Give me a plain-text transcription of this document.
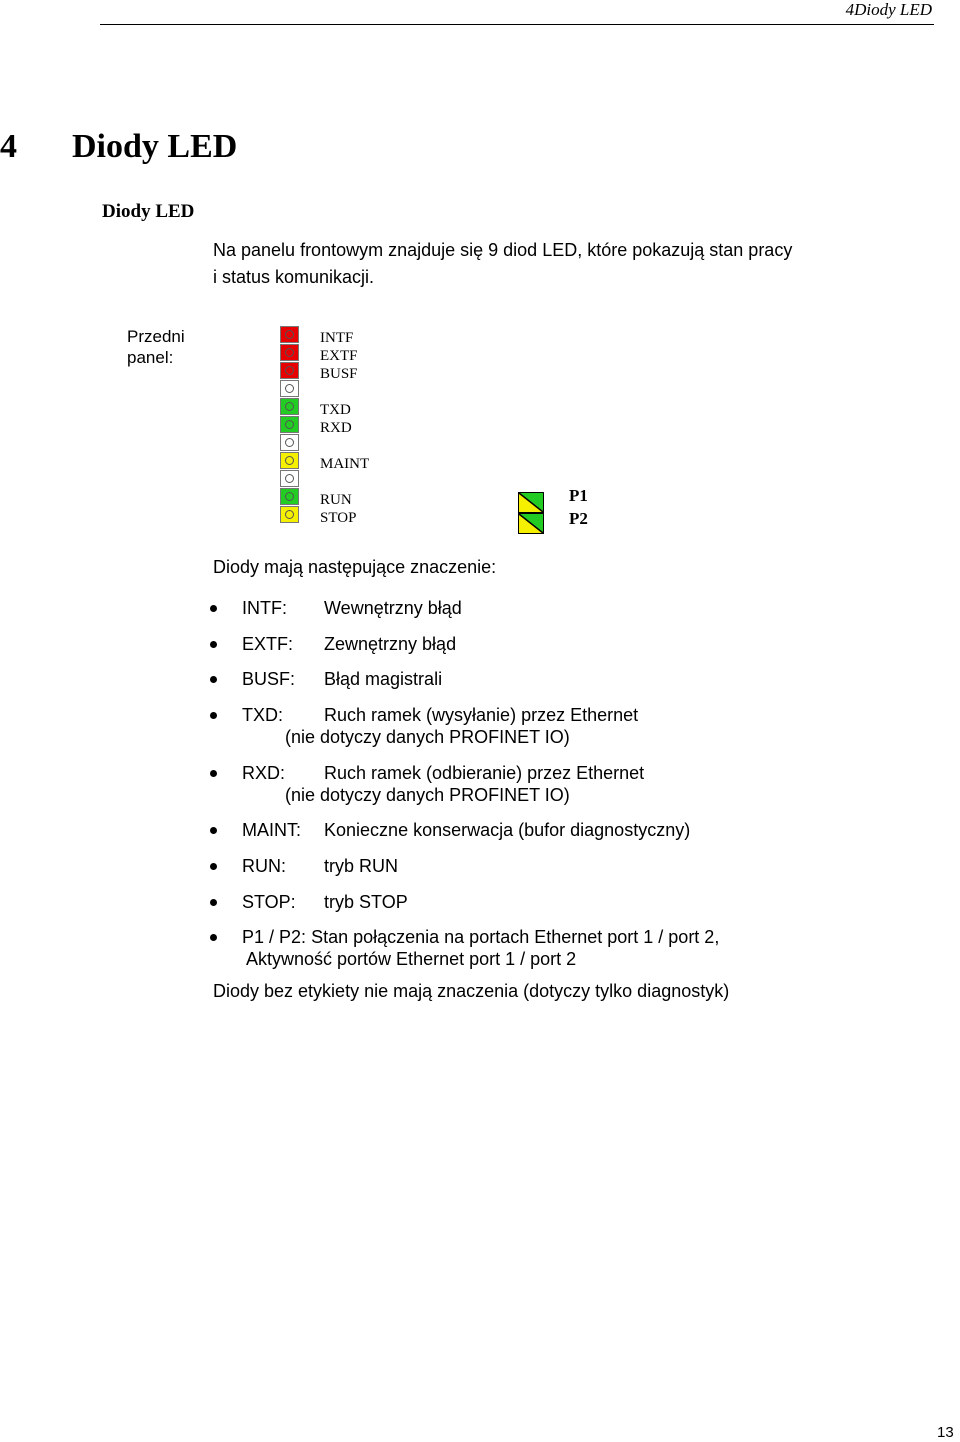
4Diody LED
4 Diody LED
Diody LED
Na panelu frontowym znajduje się 9 diod LED, które pokazują stan pracy
i status komunikacji.
Przedni
panel:
INTF
EXTF
BUSF
TXD
RXD
MAINT
RUN
STOP
P1
P2
Diody mają następujące znaczenie:
INTF: Wewnętrzny błąd
EXTF: Zewnętrzny błąd
BUSF: Błąd magistrali
TXD: Ruch ramek (wysyłanie) przez Ethernet
(nie dotyczy danych PROFINET IO)
RXD: Ruch ramek (odbieranie) przez Ethernet
(nie dotyczy danych PROFINET IO)
MAINT: Konieczne konserwacja (bufor diagnostyczny)
RUN: tryb RUN
STOP: tryb STOP
P1 / P2: Stan połączenia na portach Ethernet port 1 / port 2,
Aktywność portów Ethernet port 1 / port 2
Diody bez etykiety nie mają znaczenia (dotyczy tylko diagnostyk)
13
